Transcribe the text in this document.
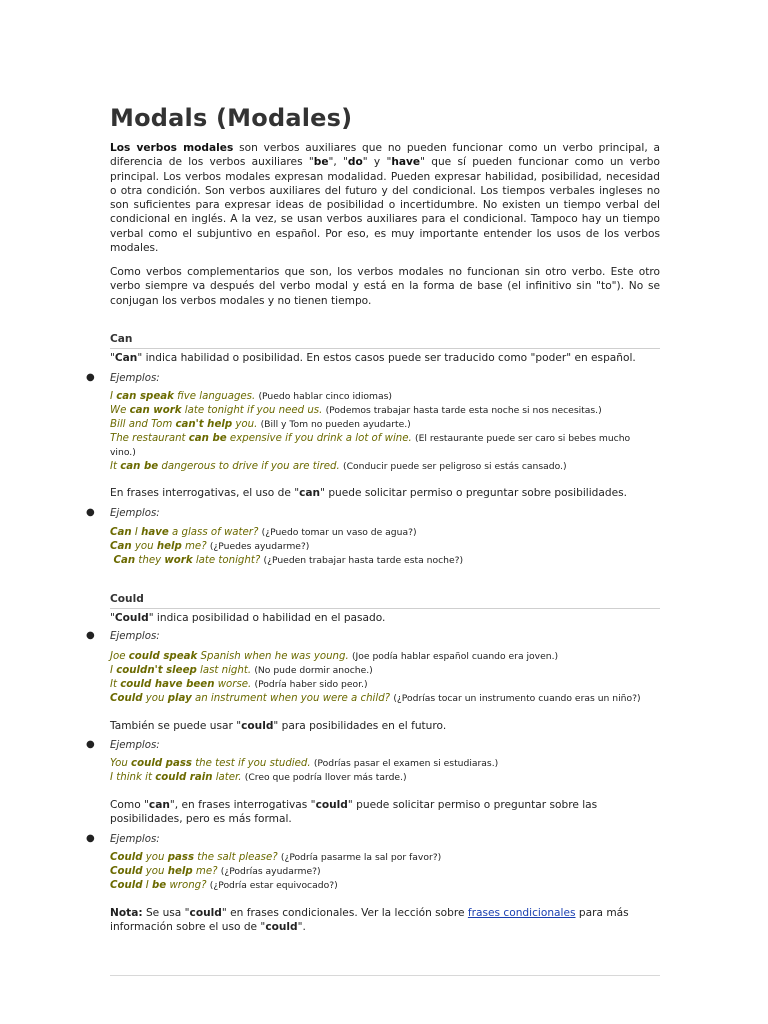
Modals (Modales)
Los verbos modales son verbos auxiliares que no pueden funcionar como un verbo principal, a diferencia de los verbos auxiliares "be", "do" y "have" que sí pueden funcionar como un verbo principal. Los verbos modales expresan modalidad. Pueden expresar habilidad, posibilidad, necesidad o otra condición. Son verbos auxiliares del futuro y del condicional. Los tiempos verbales ingleses no son suficientes para expresar ideas de posibilidad o incertidumbre. No existen un tiempo verbal del condicional en inglés. A la vez, se usan verbos auxiliares para el condicional. Tampoco hay un tiempo verbal como el subjuntivo en español. Por eso, es muy importante entender los usos de los verbos modales.
Como verbos complementarios que son, los verbos modales no funcionan sin otro verbo. Este otro verbo siempre va después del verbo modal y está en la forma de base (el infinitivo sin "to"). No se conjugan los verbos modales y no tienen tiempo.
Can
"Can" indica habilidad o posibilidad. En estos casos puede ser traducido como "poder" en español.
● Ejemplos:
I can speak five languages. (Puedo hablar cinco idiomas)
We can work late tonight if you need us. (Podemos trabajar hasta tarde esta noche si nos necesitas.)
Bill and Tom can't help you. (Bill y Tom no pueden ayudarte.)
The restaurant can be expensive if you drink a lot of wine. (El restaurante puede ser caro si bebes mucho
vino.)
It can be dangerous to drive if you are tired. (Conducir puede ser peligroso si estás cansado.)
En frases interrogativas, el uso de "can" puede solicitar permiso o preguntar sobre posibilidades.
● Ejemplos:
Can I have a glass of water? (¿Puedo tomar un vaso de agua?)
Can you help me? (¿Puedes ayudarme?)
Can they work late tonight? (¿Pueden trabajar hasta tarde esta noche?)
Could
"Could" indica posibilidad o habilidad en el pasado.
● Ejemplos:
Joe could speak Spanish when he was young. (Joe podía hablar español cuando era joven.)
I couldn't sleep last night. (No pude dormir anoche.)
It could have been worse. (Podría haber sido peor.)
Could you play an instrument when you were a child? (¿Podrías tocar un instrumento cuando eras un niño?)
También se puede usar "could" para posibilidades en el futuro.
● Ejemplos:
You could pass the test if you studied. (Podrías pasar el examen si estudiaras.)
I think it could rain later. (Creo que podría llover más tarde.)
Como "can", en frases interrogativas "could" puede solicitar permiso o preguntar sobre las
posibilidades, pero es más formal.
● Ejemplos:
Could you pass the salt please? (¿Podría pasarme la sal por favor?)
Could you help me? (¿Podrías ayudarme?)
Could I be wrong? (¿Podría estar equivocado?)
Nota: Se usa "could" en frases condicionales. Ver la lección sobre frases condicionales para más
información sobre el uso de "could".
